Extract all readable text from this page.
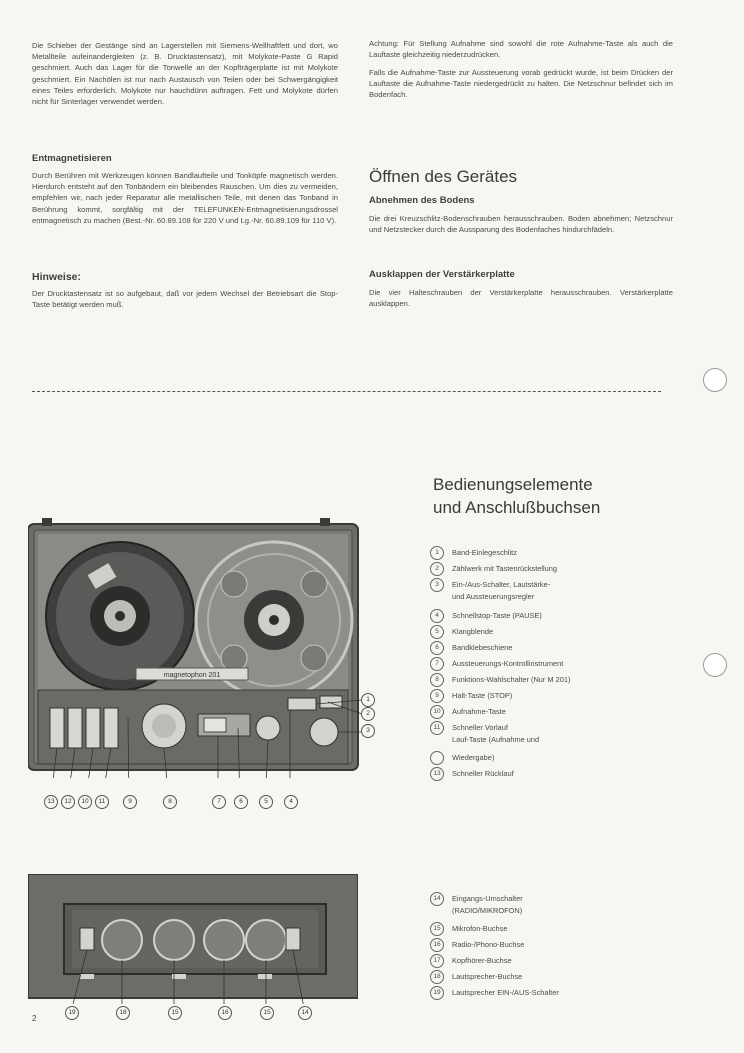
Die Schieber der Gestänge sind an Lagerstellen mit Siemens-Wellhaftfett und dort, wo Metallteile aufeinandergleiten (z. B. Drucktastensatz), mit Molykote-Paste G Rapid geschmiert. Auch das Lager für die Tonwelle an der Kopfträgerplatte ist mit Molykote geschmiert. Ein Nachölen ist nur nach Austausch von Teilen oder bei Schwergängigkeit eines Teiles erforderlich. Molykote nur hauchdünn auftragen. Fett und Molykote dürfen nicht für Sinterlager verwendet werden.
Entmagnetisieren
Durch Berühren mit Werkzeugen können Bandlaufteile und Tonköpfe magnetisch werden. Hierdurch entsteht auf den Tonbändern ein bleibendes Rauschen. Um dies zu vermeiden, empfehlen wir, nach jeder Reparatur alle metallischen Teile, mit denen das Tonband in Berührung kommt, sorgfältig mit der TELEFUNKEN-Entmagnetisierungsdrossel entmagnetisch zu machen (Best.-Nr. 60.89.108 für 220 V und Lg.-Nr. 60.89.109 für 110 V).
Hinweise:
Der Drucktastensatz ist so aufgebaut, daß vor jedem Wechsel der Betriebsart die Stop-Taste betätigt werden muß.
Achtung: Für Stellung Aufnahme sind sowohl die rote Aufnahme-Taste als auch die Lauftaste gleichzeitig niederzudrücken.
Falls die Aufnahme-Taste zur Aussteuerung vorab gedrückt wurde, ist beim Drücken der Lauftaste die Aufnahme-Taste niedergedrückt zu halten. Die Netzschnur befindet sich im Bodenfach.
Öffnen des Gerätes
Abnehmen des Bodens
Die drei Kreuzschlitz-Bodenschrauben herausschrauben. Boden abnehmen; Netzschnur und Netzstecker durch die Aussparung des Bodenfaches hindurchfädeln.
Ausklappen der Verstärkerplatte
Die vier Halteschrauben der Verstärkerplatte herausschrauben. Verstärkerplatte ausklappen.
Bedienungselemente
und Anschlußbuchsen
magnetophon 201
1
2
3
13	12	10	11	9	8	7	6	5	4
1 Band-Einlegeschlitz
2 Zählwerk mit Tastenrückstellung
3 Ein-/Aus-Schalter, Lautstärke-
und Aussteuerungsregler
4 Schnellstop-Taste (PAUSE)
5 Klangblende
6 Bandklebeschiene
7 Aussteuerungs-Kontrollinstrument
8 Funktions-Wahlschalter (Nur M 201)
9 Halt-Taste (STOP)
10 Aufnahme-Taste
11 Schneller Vorlauf
Lauf-Taste (Aufnahme und
Wiedergabe)
13 Schneller Rücklauf
19	18	15	16	15	14
14 Eingangs-Umschalter
(RADIO/MIKROFON)
15 Mikrofon-Buchse
16 Radio-/Phono-Buchse
17 Kopfhörer-Buchse
18 Lautsprecher-Buchse
19 Lautsprecher EIN-/AUS-Schalter
2
